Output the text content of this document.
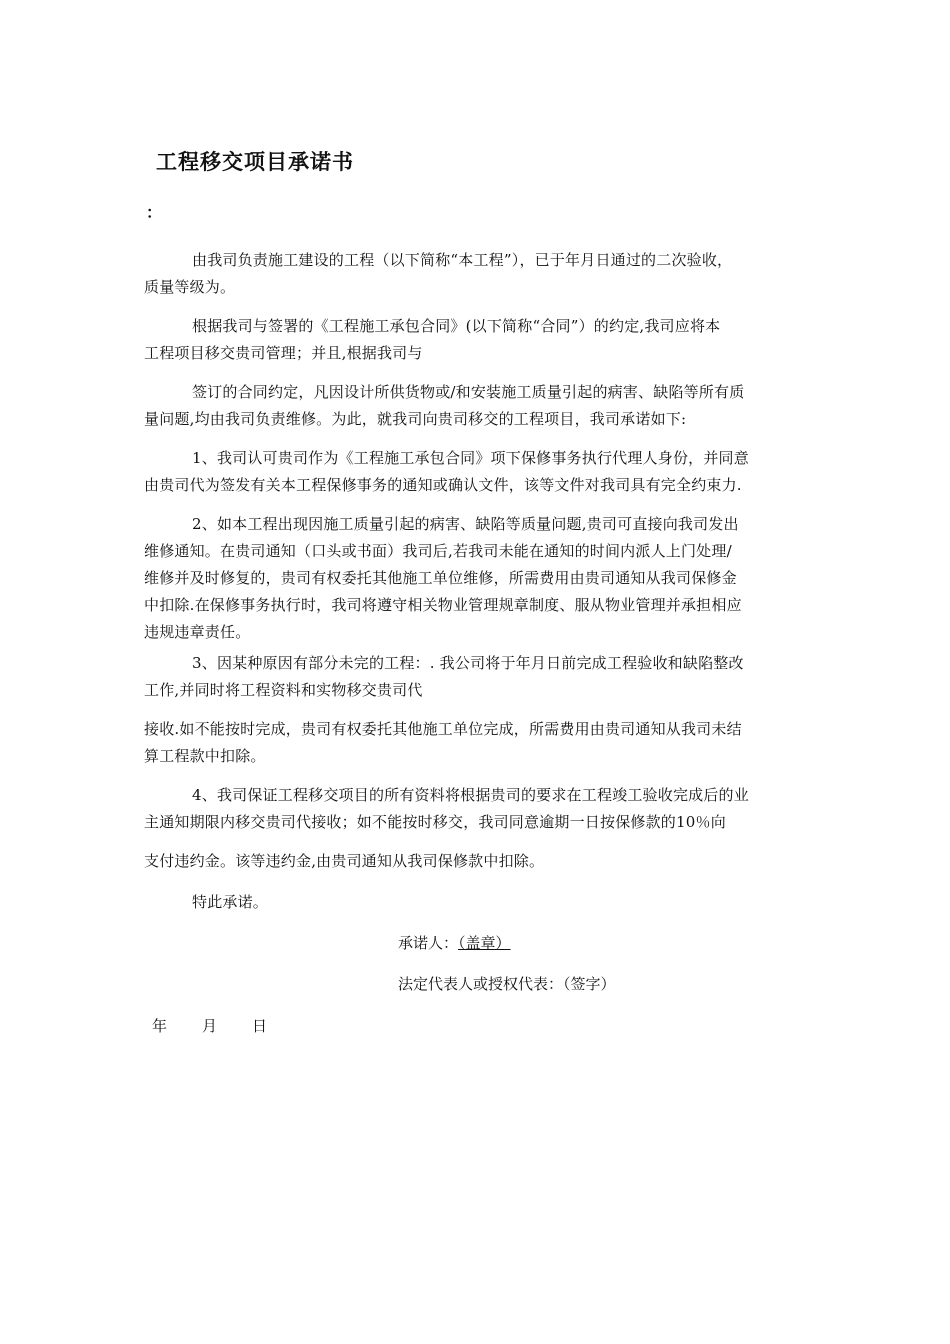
工程移交项目承诺书
：
由我司负责施工建设的工程（以下简称“本工程”），已于年月日通过的二次验收，
质量等级为。
根据我司与签署的《工程施工承包合同》(以下简称“合同”）的约定,我司应将本
工程项目移交贵司管理；并且,根据我司与
签订的合同约定，凡因设计所供货物或/和安装施工质量引起的病害、缺陷等所有质
量问题,均由我司负责维修。为此，就我司向贵司移交的工程项目，我司承诺如下:
1、我司认可贵司作为《工程施工承包合同》项下保修事务执行代理人身份，并同意
由贵司代为签发有关本工程保修事务的通知或确认文件，该等文件对我司具有完全约束力.
2、如本工程出现因施工质量引起的病害、缺陷等质量问题,贵司可直接向我司发出
维修通知。在贵司通知（口头或书面）我司后,若我司未能在通知的时间内派人上门处理/
维修并及时修复的，贵司有权委托其他施工单位维修，所需费用由贵司通知从我司保修金
中扣除.在保修事务执行时，我司将遵守相关物业管理规章制度、服从物业管理并承担相应
违规违章责任。
3、因某种原因有部分未完的工程：. 我公司将于年月日前完成工程验收和缺陷整改
工作,并同时将工程资料和实物移交贵司代
接收.如不能按时完成，贵司有权委托其他施工单位完成，所需费用由贵司通知从我司未结
算工程款中扣除。
4、我司保证工程移交项目的所有资料将根据贵司的要求在工程竣工验收完成后的业
主通知期限内移交贵司代接收；如不能按时移交，我司同意逾期一日按保修款的10％向
支付违约金。该等违约金,由贵司通知从我司保修款中扣除。
特此承诺。
承诺人：（盖章）
法定代表人或授权代表：（签字）
年 月 日
